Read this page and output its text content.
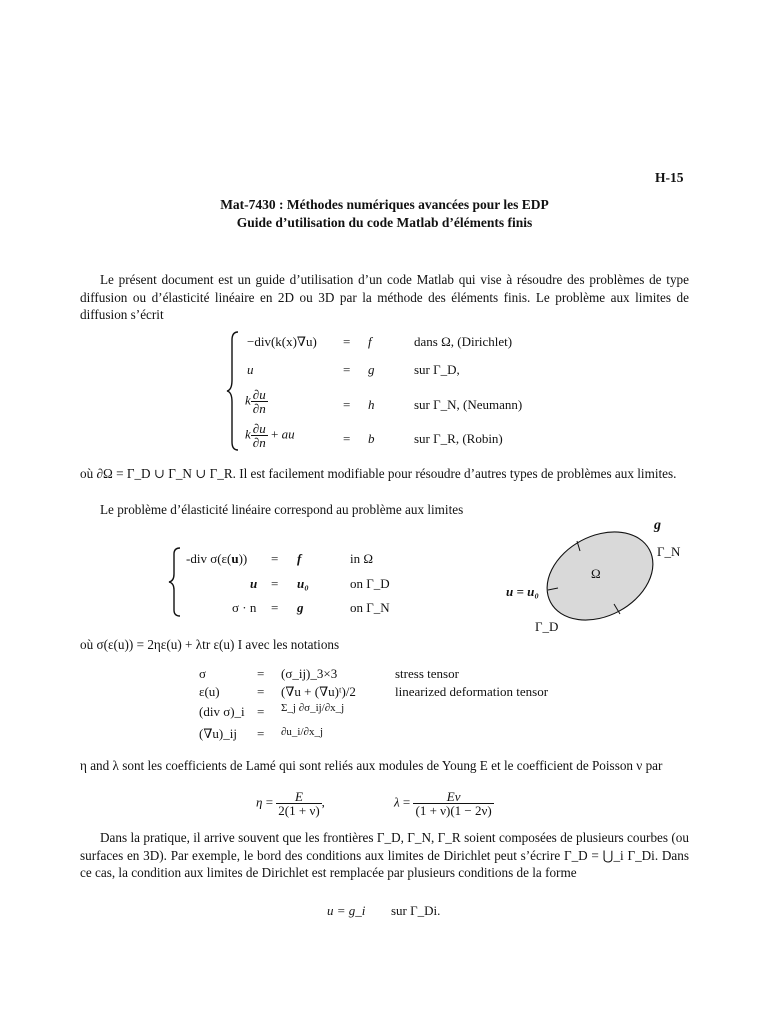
H-15
Mat-7430 : Méthodes numériques avancées pour les EDP
Guide d’utilisation du code Matlab d’éléments finis
Le présent document est un guide d’utilisation d’un code Matlab qui vise à résoudre des problèmes de type diffusion ou d’élasticité linéaire en 2D ou 3D par la méthode des éléments finis. Le problème aux limites de diffusion s’écrit
−div(k(x)∇u) = f	dans Ω, (Dirichlet)
u	= g	sur Γ_D,
k $\frac{\partial u}{\partial n}$	= h	sur Γ_N, (Neumann)
k $\frac{\partial u}{\partial n}$ + au	= b	sur Γ_R, (Robin)
où ∂Ω = Γ_D ∪ Γ_N ∪ Γ_R. Il est facilement modifiable pour résoudre d’autres types de problèmes aux limites.
Le problème d’élasticité linéaire correspond au problème aux limites
-div σ(ε(u)) = f	in Ω
u = u₀	on Γ_D
σ · n = g	on Γ_N
g
Γ_N
Ω
u = u₀
Γ_D
où σ(ε(u)) = 2ηε(u) + λtr ε(u) I avec les notations
σ	= (σ_ij)_3×3	stress tensor
ε(u)	= (∇u + (∇u)ᵗ)/2	linearized deformation tensor
(div σ)_i = Σ_j ∂σ_ij/∂x_j
(∇u)_ij = ∂u_i/∂x_j
η and λ sont les coefficients de Lamé qui sont reliés aux modules de Young E et le coefficient de Poisson ν par
$\eta = \frac{E}{2(1 + \nu)}$ ,	$\lambda = \frac{E\nu}{(1 + \nu)(1 - 2\nu)}$
Dans la pratique, il arrive souvent que les frontières Γ_D, Γ_N, Γ_R soient composées de plusieurs courbes (ou surfaces en 3D). Par exemple, le bord des conditions aux limites de Dirichlet peut s’écrire Γ_D = ⋃_i Γ_Di. Dans ce cas, la condition aux limites de Dirichlet est remplacée par plusieurs conditions de la forme
u = g_i sur Γ_Di.
